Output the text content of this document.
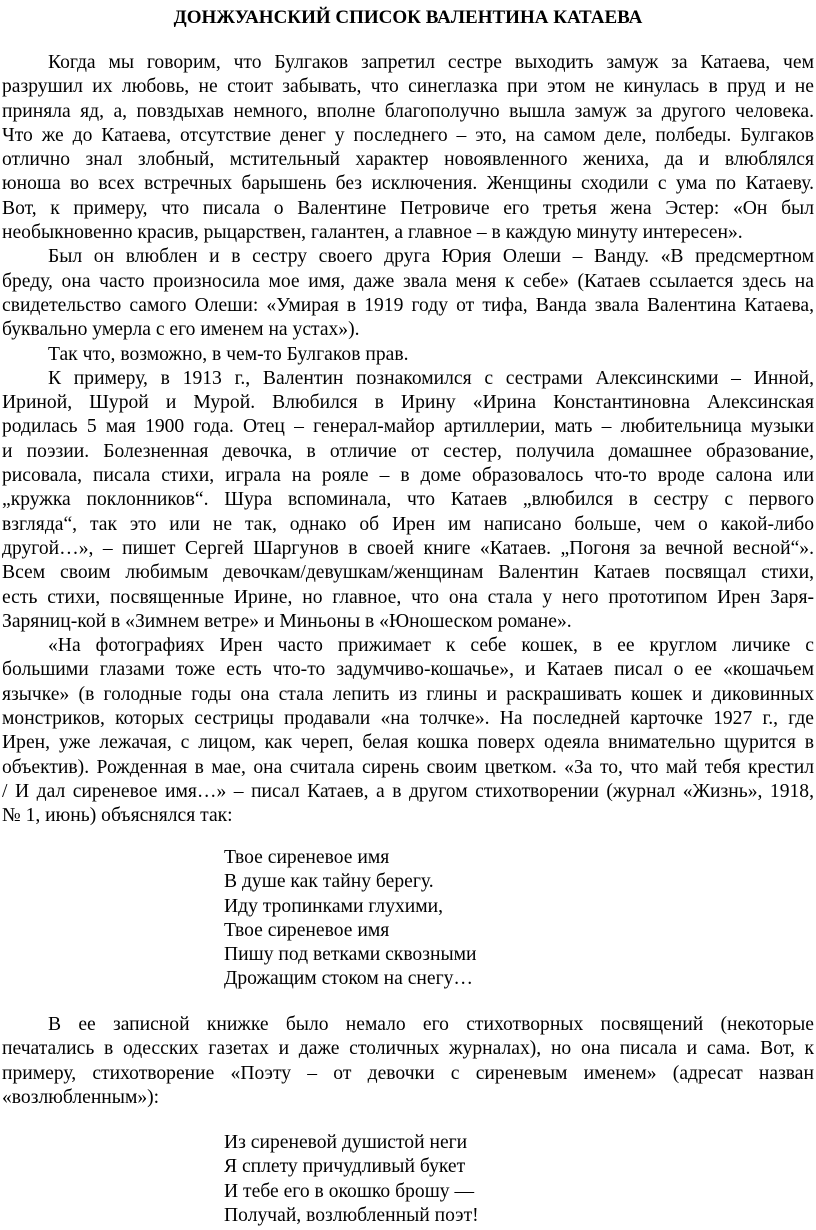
ДОНЖУАНСКИЙ СПИСОК ВАЛЕНТИНА КАТАЕВА
Когда мы говорим, что Булгаков запретил сестре выходить замуж за Катаева, чем
разрушил их любовь, не стоит забывать, что синеглазка при этом не кинулась в пруд и не
приняла яд, а, повздыхав немного, вполне благополучно вышла замуж за другого человека.
Что же до Катаева, отсутствие денег у последнего – это, на самом деле, полбеды. Булгаков
отлично знал злобный, мстительный характер новоявленного жениха, да и влюблялся
юноша во всех встречных барышень без исключения. Женщины сходили с ума по Катаеву.
Вот, к примеру, что писала о Валентине Петровиче его третья жена Эстер: «Он был
необыкновенно красив, рыцарствен, галантен, а главное – в каждую минуту интересен».
Был он влюблен и в сестру своего друга Юрия Олеши – Ванду. «В предсмертном
бреду, она часто произносила мое имя, даже звала меня к себе» (Катаев ссылается здесь на
свидетельство самого Олеши: «Умирая в 1919 году от тифа, Ванда звала Валентина Катаева,
буквально умерла с его именем на устах»).
Так что, возможно, в чем-то Булгаков прав.
К примеру, в 1913 г., Валентин познакомился с сестрами Алексинскими – Инной,
Ириной, Шурой и Мурой. Влюбился в Ирину «Ирина Константиновна Алексинская
родилась 5 мая 1900 года. Отец – генерал-майор артиллерии, мать – любительница музыки
и поэзии. Болезненная девочка, в отличие от сестер, получила домашнее образование,
рисовала, писала стихи, играла на рояле – в доме образовалось что-то вроде салона или
„кружка поклонников“. Шура вспоминала, что Катаев „влюбился в сестру с первого
взгляда“, так это или не так, однако об Ирен им написано больше, чем о какой-либо
другой…», – пишет Сергей Шаргунов в своей книге «Катаев. „Погоня за вечной весной“».
Всем своим любимым девочкам/девушкам/женщинам Валентин Катаев посвящал стихи,
есть стихи, посвященные Ирине, но главное, что она стала у него прототипом Ирен Заря-
Заряниц-кой в «Зимнем ветре» и Миньоны в «Юношеском романе».
«На фотографиях Ирен часто прижимает к себе кошек, в ее круглом личике с
большими глазами тоже есть что-то задумчиво-кошачье», и Катаев писал о ее «кошачьем
язычке» (в голодные годы она стала лепить из глины и раскрашивать кошек и диковинных
монстриков, которых сестрицы продавали «на толчке». На последней карточке 1927 г., где
Ирен, уже лежачая, с лицом, как череп, белая кошка поверх одеяла внимательно щурится в
объектив). Рожденная в мае, она считала сирень своим цветком. «За то, что май тебя крестил
/ И дал сиреневое имя…» – писал Катаев, а в другом стихотворении (журнал «Жизнь», 1918,
№ 1, июнь) объяснялся так:
Твое сиреневое имя
В душе как тайну берегу.
Иду тропинками глухими,
Твое сиреневое имя
Пишу под ветками сквозными
Дрожащим стоком на снегу…
В ее записной книжке было немало его стихотворных посвящений (некоторые
печатались в одесских газетах и даже столичных журналах), но она писала и сама. Вот, к
примеру, стихотворение «Поэту – от девочки с сиреневым именем» (адресат назван
«возлюбленным»):
Из сиреневой душистой неги
Я сплету причудливый букет
И тебе его в окошко брошу —
Получай, возлюбленный поэт!
